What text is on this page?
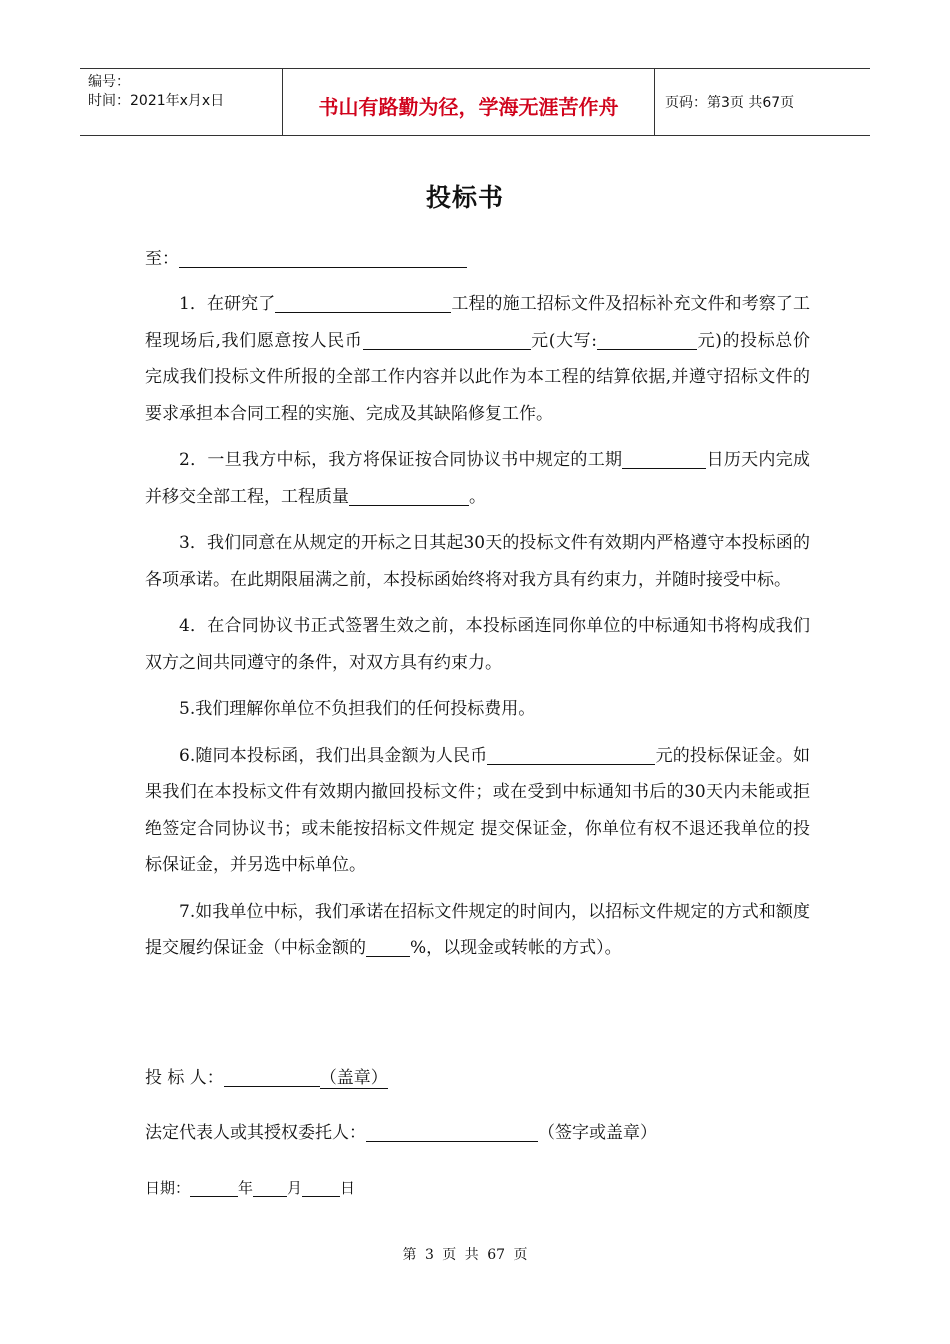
编号：
时间：2021年x月x日	书山有路勤为径，学海无涯苦作舟	页码：第3页 共67页
投标书
至：

1．在研究了	工程的施工招标文件及招标补充文件和考察了工程现场后,我们愿意按人民币	元(大写:	元)的投标总价完成我们投标文件所报的全部工作内容并以此作为本工程的结算依据,并遵守招标文件的要求承担本合同工程的实施、完成及其缺陷修复工作。

2．一旦我方中标，我方将保证按合同协议书中规定的工期	日历天内完成并移交全部工程，工程质量	。

3．我们同意在从规定的开标之日其起30天的投标文件有效期内严格遵守本投标函的各项承诺。在此期限届满之前，本投标函始终将对我方具有约束力，并随时接受中标。

4．在合同协议书正式签署生效之前，本投标函连同你单位的中标通知书将构成我们双方之间共同遵守的条件，对双方具有约束力。

5.我们理解你单位不负担我们的任何投标费用。

6.随同本投标函，我们出具金额为人民币	元的投标保证金。如果我们在本投标文件有效期内撤回投标文件；或在受到中标通知书后的30天内未能或拒绝签定合同协议书；或未能按招标文件规定 提交保证金，你单位有权不退还我单位的投标保证金，并另选中标单位。

7.如我单位中标，我们承诺在招标文件规定的时间内，以招标文件规定的方式和额度提交履约保证金（中标金额的	%，以现金或转帐的方式）。

投 标 人：	（盖章）
法定代表人或其授权委托人：	（签字或盖章）
日期：	年 月	日
第 3 页 共 67 页
